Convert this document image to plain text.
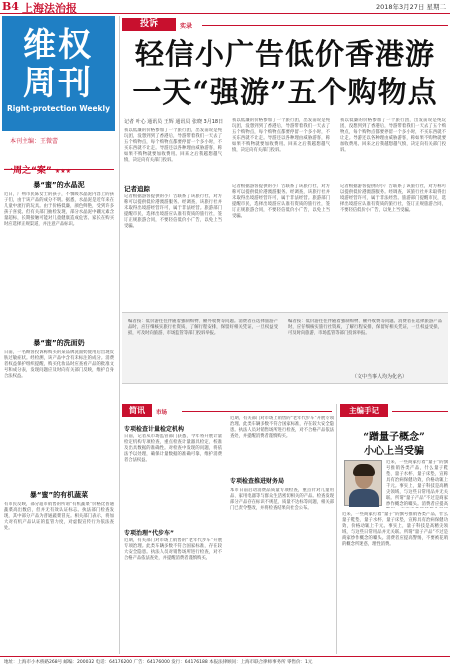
B4 上海法治报	2018年3月27日 星期二
维权周刊
Right-protection Weekly
本刊主编：王微蕾
一周之“案” ★★★
暴“蜜”的水晶泥
近日，广州市民陈女士的孩子，不慎吸水晶泥内容上的孩子们，由于该产品的成分不明。据悉，水晶泥是近年来在儿童中流行的玩具。由于价格低廉，颜色鲜艳，受到许多孩子喜爱。但有关部门抽检发现，部分水晶泥中硼元素含量超标，长期接触可能对儿童健康造成危害。家长在购买时应选择正规渠道，并注意产品标识。
暴“蜜”的洗面奶
日前，一名顾客投诉称购买的某品牌洗面奶使用后出现皮肤过敏症状。经检测，该产品中含有未标注的成分。消费者权益保护组织提醒，购买化妆品时应查看产品的批准文号和成分表，发现问题应及时向有关部门反映，维护自身合法权益。
暴“蜜”的有机蔬菜
有市民反映，部分超市销售的所谓“有机蔬菜”价格比普通蔬菜高出数倍，但并无有效认证标志。执法部门检查发现，其中部分产品为普通蔬菜冒充。相关部门表示，将加大对有机产品认证的监管力度，对虚假宣传行为依法查处。
投诉	实录
轻信小广告低价香港游
一天“强游”五个购物点
记者 叶心 通讯员 王辉 通讯员 张晓 3月18日
我以低廉的价格参加了一个旅行团，出发前说是纯玩团，没想到到了香港后，导游带着我们一天去了五个购物点，每个购物点都要停留一个多小时，不买东西就不让走。导游还以各种理由威胁游客，称如果不购物就要加收费用。回来之后我越想越气愤，决定向有关部门投诉。
我以低廉的价格参加了一个旅行团，出发前说是纯玩团，没想到到了香港后，导游带着我们一天去了五个购物点，每个购物点都要停留一个多小时，不买东西就不让走。导游还以各种理由威胁游客，称如果不购物就要加收费用。回来之后我越想越气愤，决定向有关部门投诉。
我以低廉的价格参加了一个旅行团，出发前说是纯玩团，没想到到了香港后，导游带着我们一天去了五个购物点，每个购物点都要停留一个多小时，不买东西就不让走。导游还以各种理由威胁游客，称如果不购物就要加收费用。回来之后我越想越气愤，决定向有关部门投诉。
记者追踪
记者根据游客提供的小广告联系了该旅行社，对方称可以提供低价港澳游服务。经调查，该旅行社并未取得出境游经营许可，属于非法经营。旅游部门提醒市民，选择出境游应认准有资质的旅行社，签订正规旅游合同，不要轻信低价小广告，以免上当受骗。
记者根据游客提供的小广告联系了该旅行社，对方称可以提供低价港澳游服务。经调查，该旅行社并未取得出境游经营许可，属于非法经营。旅游部门提醒市民，选择出境游应认准有资质的旅行社，签订正规旅游合同，不要轻信低价小广告，以免上当受骗。
记者根据游客提供的小广告联系了该旅行社，对方称可以提供低价港澳游服务。经调查，该旅行社并未取得出境游经营许可，属于非法经营。旅游部门提醒市民，选择出境游应认准有资质的旅行社，签订正规旅游合同，不要轻信低价小广告，以免上当受骗。
编者按：低价游往往伴随着强制购物、额外收费等问题。消费者在选择旅游产品时，应仔细核实旅行社资质，了解行程安排，保留好相关凭证，一旦权益受损，可及时向旅游、市场监管等部门投诉举报。
编者按：低价游往往伴随着强制购物、额外收费等问题。消费者在选择旅游产品时，应仔细核实旅行社资质，了解行程安排，保留好相关凭证，一旦权益受损，可及时向旅游、市场监管等部门投诉举报。
（文中当事人均为化名）
简讯	市场
专项检查计量检定机构
日前，记者从市场监管部门获悉，今年将开展计量检定机构专项检查，重点检查计量器具检定、校准及出具数据的准确性。对检查中发现的问题，将依法予以处理，确保计量数据的准确可靠，维护消费者合法权益。
专项治理“代步车”
近期，有关部门对市场上销售的“老年代步车”开展专项治理。此类车辆多数不符合国家标准，存在较大安全隐患。执法人员对销售场所进行检查，对不合格产品依法查处，并提醒消费者谨慎购买。
专项检查推进财务局
近期，有关部门对市场上销售的“老年代步车”开展专项治理。此类车辆多数不符合国家标准，存在较大安全隐患。执法人员对销售场所进行检查，对不合格产品依法查处，并提醒消费者谨慎购买。
本市日前启动消费品质量专项检查，重点针对儿童用品、家用电器等与群众生活密切相关的产品。检查发现部分产品存在标识不规范、质量不达标等问题，相关部门已责令整改，并将检查结果向社会公布。
主编手记
“蹭量子概念”
小心上当受骗
近来，一些商家打着“量子”的旗号推销各类产品，什么量子鞋垫、量子水杯、量子床垫，宣称具有治病保健功效，价格动辄上千元。事实上，量子科技是高精尖领域，与这些日常用品并无关联。所谓“量子产品”不过是商家炒作概念的噱头。消费者应提高
近来，一些商家打着“量子”的旗号推销各类产品，什么量子鞋垫、量子水杯、量子床垫，宣称具有治病保健功效，价格动辄上千元。事实上，量子科技是高精尖领域，与这些日常用品并无关联。所谓“量子产品”不过是商家炒作概念的噱头。消费者应提高警惕，不要被花哨的概念所迷惑，理性消费。
地址：上海市小木桥路268号 邮编：200032 电话：64176200 广告：64176000 发行：64176188 本报法律顾问：上海市联合律师事务所 零售价：1元
